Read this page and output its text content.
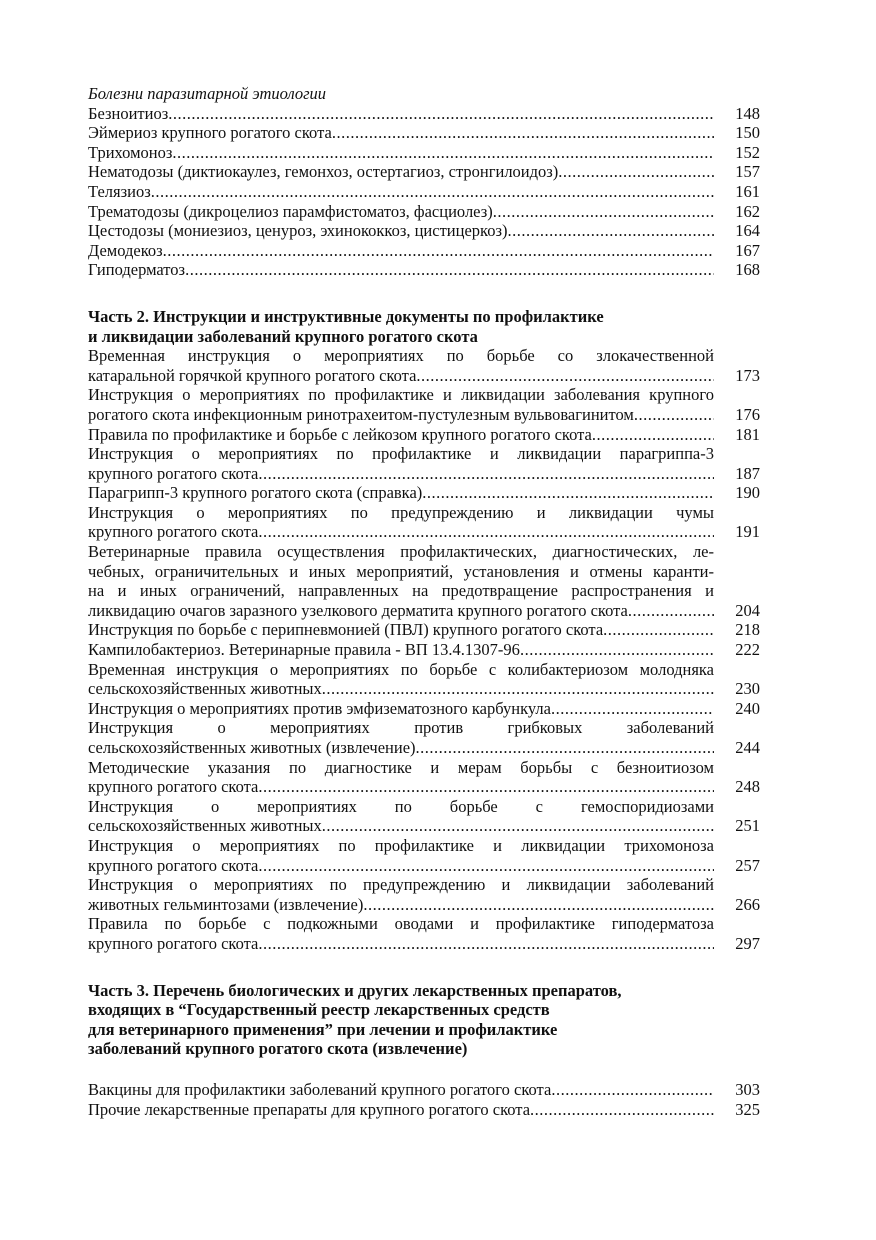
Болезни паразитарной этиологии
Безноитиоз .....	148
Эймериоз крупного рогатого скота .....	150
Трихомоноз .....	152
Нематодозы (диктиокаулез, гемонхоз, остертагиоз, стронгилоидоз) .....	157
Телязиоз .....	161
Трематодозы (дикроцелиоз парамфистоматоз, фасциолез) .....	162
Цестодозы (мониезиоз, ценуроз, эхинококкоз, цистицеркоз) .....	164
Демодекоз .....	167
Гиподерматоз .....	168
Часть 2. Инструкции и инструктивные документы по профилактике
и ликвидации заболеваний крупного рогатого скота
Временная инструкция о мероприятиях по борьбе со злокачественной
катаральной горячкой крупного рогатого скота .....	173
Инструкция о мероприятиях по профилактике и ликвидации заболевания крупного
рогатого скота инфекционным ринотрахеитом-пустулезным вульвовагинитом .....	176
Правила по профилактике и борьбе с лейкозом крупного рогатого скота .....	181
Инструкция о мероприятиях по профилактике и ликвидации парагриппа-3
крупного рогатого скота .....	187
Парагрипп-3 крупного рогатого скота (справка) .....	190
Инструкция о мероприятиях по предупреждению и ликвидации чумы
крупного рогатого скота .....	191
Ветеринарные правила осуществления профилактических, диагностических, ле-
чебных, ограничительных и иных мероприятий, установления и отмены каранти-
на и иных ограничений, направленных на предотвращение распространения и
ликвидацию очагов заразного узелкового дерматита крупного рогатого скота .....	204
Инструкция по борьбе с перипневмонией (ПВЛ) крупного рогатого скота .....	218
Кампилобактериоз. Ветеринарные правила - ВП 13.4.1307-96 .....	222
Временная инструкция о мероприятиях по борьбе с колибактериозом молодняка
сельскохозяйственных животных .....	230
Инструкция о мероприятиях против эмфизематозного карбункула .....	240
Инструкция о мероприятиях против грибковых заболеваний
сельскохозяйственных животных (извлечение) .....	244
Методические указания по диагностике и мерам борьбы с безноитиозом
крупного рогатого скота .....	248
Инструкция о мероприятиях по борьбе с гемоспоридиозами
сельскохозяйственных животных .....	251
Инструкция о мероприятиях по профилактике и ликвидации трихомоноза
крупного рогатого скота .....	257
Инструкция о мероприятиях по предупреждению и ликвидации заболеваний
животных гельминтозами (извлечение) .....	266
Правила по борьбе с подкожными оводами и профилактике гиподерматоза
крупного рогатого скота .....	297
Часть 3. Перечень биологических и других лекарственных препаратов,
входящих в “Государственный реестр лекарственных средств
для ветеринарного применения” при лечении и профилактике
заболеваний крупного рогатого скота (извлечение)
Вакцины для профилактики заболеваний крупного рогатого скота .....	303
Прочие лекарственные препараты для крупного рогатого скота .....	325
